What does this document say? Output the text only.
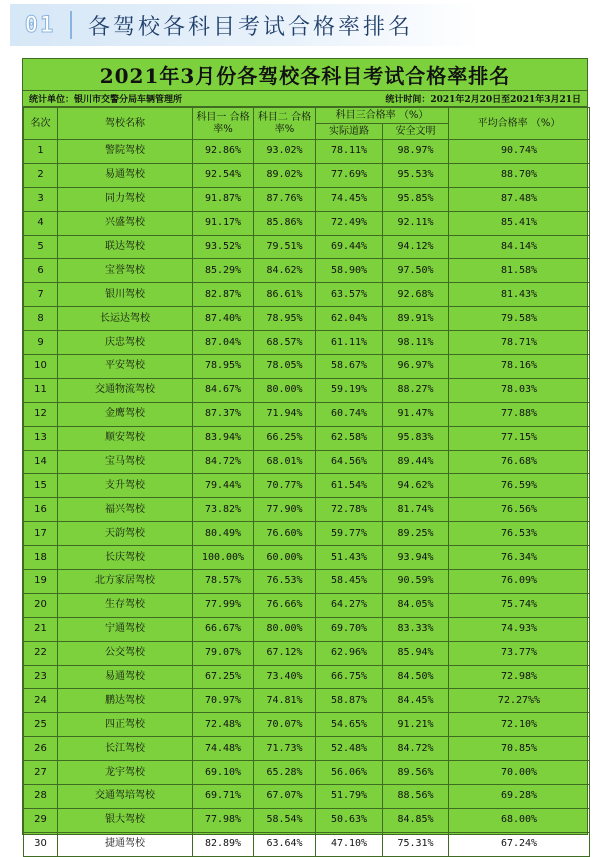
01	各驾校各科目考试合格率排名
2021年3月份各驾校各科目考试合格率排名
统计单位：银川市交警分局车辆管理所	统计时间：2021年2月20日至2021年3月21日
名次	驾校名称	科目一 合格率%	科目二 合格率%	科目三合格率 （%）		平均合格率 （%）
				实际道路	安全文明	
1	警院驾校	92.86%	93.02%	78.11%	98.97%	90.74%
2	易通驾校	92.54%	89.02%	77.69%	95.53%	88.70%
3	同力驾校	91.87%	87.76%	74.45%	95.85%	87.48%
4	兴盛驾校	91.17%	85.86%	72.49%	92.11%	85.41%
5	联达驾校	93.52%	79.51%	69.44%	94.12%	84.14%
6	宝誉驾校	85.29%	84.62%	58.90%	97.50%	81.58%
7	银川驾校	82.87%	86.61%	63.57%	92.68%	81.43%
8	长运达驾校	87.40%	78.95%	62.04%	89.91%	79.58%
9	庆忠驾校	87.04%	68.57%	61.11%	98.11%	78.71%
10	平安驾校	78.95%	78.05%	58.67%	96.97%	78.16%
11	交通物流驾校	84.67%	80.00%	59.19%	88.27%	78.03%
12	金鹰驾校	87.37%	71.94%	60.74%	91.47%	77.88%
13	顺安驾校	83.94%	66.25%	62.58%	95.83%	77.15%
14	宝马驾校	84.72%	68.01%	64.56%	89.44%	76.68%
15	支升驾校	79.44%	70.77%	61.54%	94.62%	76.59%
16	福兴驾校	73.82%	77.90%	72.78%	81.74%	76.56%
17	天韵驾校	80.49%	76.60%	59.77%	89.25%	76.53%
18	长庆驾校	100.00%	60.00%	51.43%	93.94%	76.34%
19	北方家居驾校	78.57%	76.53%	58.45%	90.59%	76.09%
20	生存驾校	77.99%	76.66%	64.27%	84.05%	75.74%
21	宁通驾校	66.67%	80.00%	69.70%	83.33%	74.93%
22	公交驾校	79.07%	67.12%	62.96%	85.94%	73.77%
23	易通驾校	67.25%	73.40%	66.75%	84.50%	72.98%
24	鹏达驾校	70.97%	74.81%	58.87%	84.45%	72.27%%
25	四正驾校	72.48%	70.07%	54.65%	91.21%	72.10%
26	长江驾校	74.48%	71.73%	52.48%	84.72%	70.85%
27	龙宇驾校	69.10%	65.28%	56.06%	89.56%	70.00%
28	交通驾培驾校	69.71%	67.07%	51.79%	88.56%	69.28%
29	银大驾校	77.98%	58.54%	50.63%	84.85%	68.00%
30	捷通驾校	82.89%	63.64%	47.10%	75.31%	67.24%
